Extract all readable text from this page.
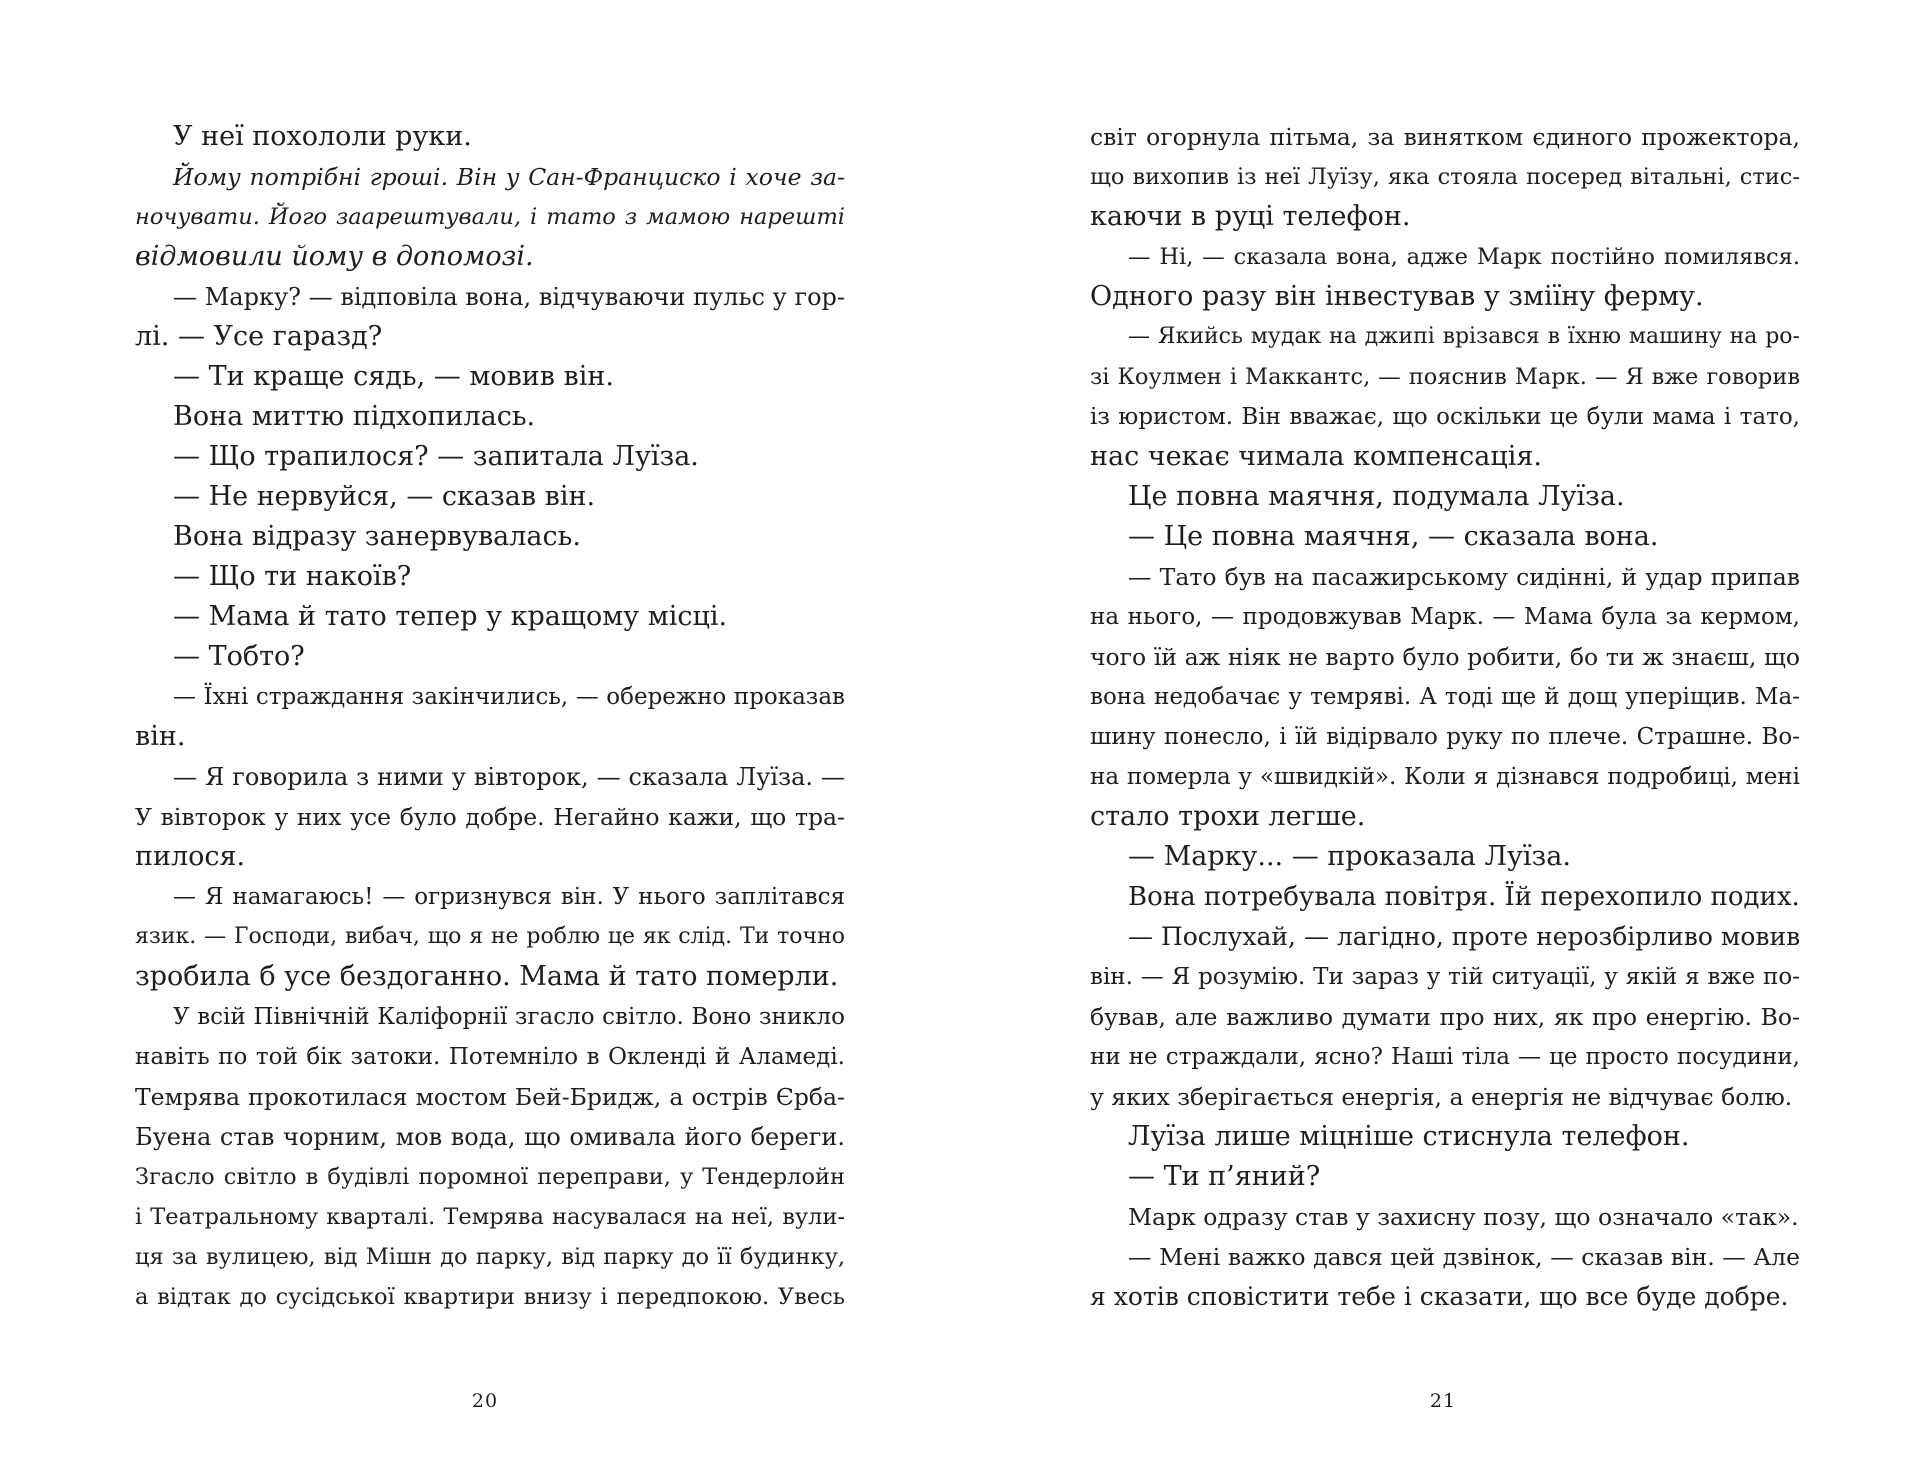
У неї похололи руки.
Йому потрібні гроші. Він у Сан-Франциско і хоче за-
ночувати. Його заарештували, і тато з мамою нарешті
відмовили йому в допомозі.
— Марку? — відповіла вона, відчуваючи пульс у гор-
лі. — Усе гаразд?
— Ти краще сядь, — мовив він.
Вона миттю підхопилась.
— Що трапилося? — запитала Луїза.
— Не нервуйся, — сказав він.
Вона відразу занервувалась.
— Що ти накоїв?
— Мама й тато тепер у кращому місці.
— Тобто?
— Їхні страждання закінчились, — обережно проказав
він.
— Я говорила з ними у вівторок, — сказала Луїза. —
У вівторок у них усе було добре. Негайно кажи, що тра-
пилося.
— Я намагаюсь! — огризнувся він. У нього заплітався
язик. — Господи, вибач, що я не роблю це як слід. Ти точно
зробила б усе бездоганно. Мама й тато померли.
У всій Північній Каліфорнії згасло світло. Воно зникло
навіть по той бік затоки. Потемніло в Окленді й Аламеді.
Темрява прокотилася мостом Бей-Бридж, а острів Єрба-
Буена став чорним, мов вода, що омивала його береги.
Згасло світло в будівлі поромної переправи, у Тендерлойн
і Театральному кварталі. Темрява насувалася на неї, вули-
ця за вулицею, від Мішн до парку, від парку до її будинку,
а відтак до сусідської квартири внизу і передпокою. Увесь
світ огорнула пітьма, за винятком єдиного прожектора,
що вихопив із неї Луїзу, яка стояла посеред вітальні, стис-
каючи в руці телефон.
— Ні, — сказала вона, адже Марк постійно помилявся.
Одного разу він інвестував у зміїну ферму.
— Якийсь мудак на джипі врізався в їхню машину на ро-
зі Коулмен і Маккантс, — пояснив Марк. — Я вже говорив
із юристом. Він вважає, що оскільки це були мама і тато,
нас чекає чимала компенсація.
Це повна маячня, подумала Луїза.
— Це повна маячня, — сказала вона.
— Тато був на пасажирському сидінні, й удар припав
на нього, — продовжував Марк. — Мама була за кермом,
чого їй аж ніяк не варто було робити, бо ти ж знаєш, що
вона недобачає у темряві. А тоді ще й дощ уперіщив. Ма-
шину понесло, і їй відірвало руку по плече. Страшне. Во-
на померла у «швидкій». Коли я дізнався подробиці, мені
стало трохи легше.
— Марку... — проказала Луїза.
Вона потребувала повітря. Їй перехопило подих.
— Послухай, — лагідно, проте нерозбірливо мовив
він. — Я розумію. Ти зараз у тій ситуації, у якій я вже по-
бував, але важливо думати про них, як про енергію. Во-
ни не страждали, ясно? Наші тіла — це просто посудини,
у яких зберігається енергія, а енергія не відчуває болю.
Луїза лише міцніше стиснула телефон.
— Ти п’яний?
Марк одразу став у захисну позу, що означало «так».
— Мені важко дався цей дзвінок, — сказав він. — Але
я хотів сповістити тебе і сказати, що все буде добре.
20	21
